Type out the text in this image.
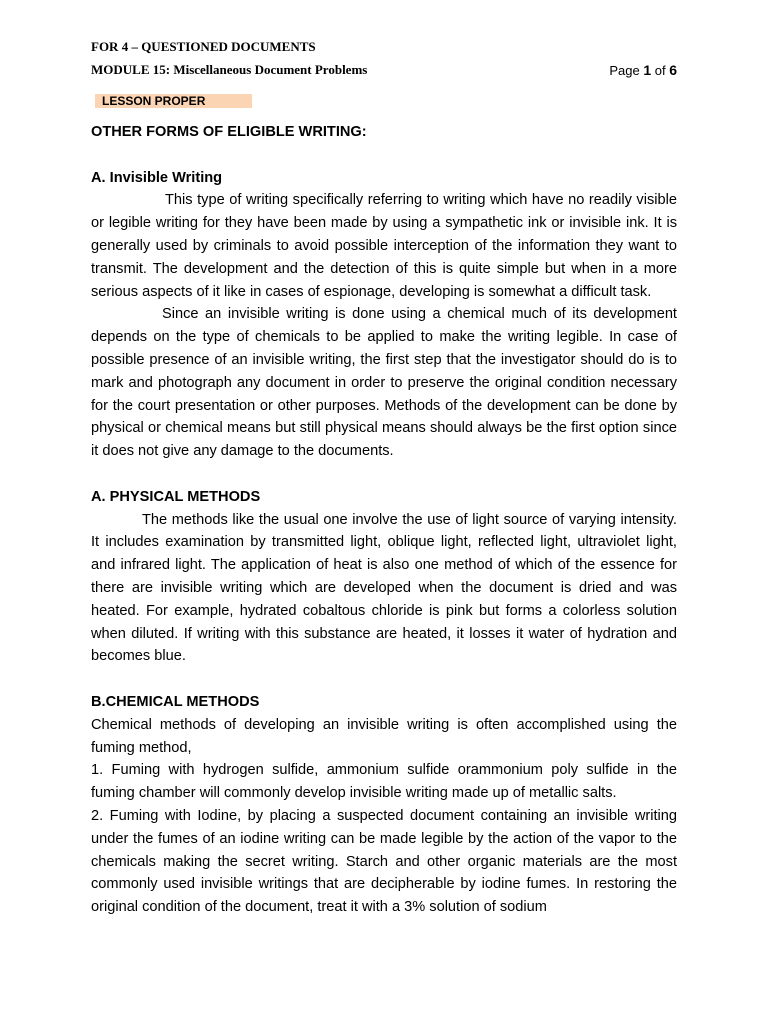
FOR 4 – QUESTIONED DOCUMENTS
MODULE 15: Miscellaneous Document Problems	Page 1 of 6
LESSON PROPER

OTHER FORMS OF ELIGIBLE WRITING:

A. Invisible Writing

This type of writing specifically referring to writing which have no readily visible or legible writing for they have been made by using a sympathetic ink or invisible ink. It is generally used by criminals to avoid possible interception of the information they want to transmit. The development and the detection of this is quite simple but when in a more serious aspects of it like in cases of espionage, developing is somewhat a difficult task.

Since an invisible writing is done using a chemical much of its development depends on the type of chemicals to be applied to make the writing legible. In case of possible presence of an invisible writing, the first step that the investigator should do is to mark and photograph any document in order to preserve the original condition necessary for the court presentation or other purposes. Methods of the development can be done by physical or chemical means but still physical means should always be the first option since it does not give any damage to the documents.

A. PHYSICAL METHODS

The methods like the usual one involve the use of light source of varying intensity. It includes examination by transmitted light, oblique light, reflected light, ultraviolet light, and infrared light. The application of heat is also one method of which of the essence for there are invisible writing which are developed when the document is dried and was heated. For example, hydrated cobaltous chloride is pink but forms a colorless solution when diluted. If writing with this substance are heated, it losses it water of hydration and becomes blue.

B.CHEMICAL METHODS

Chemical methods of developing an invisible writing is often accomplished using the fuming method,

1. Fuming with hydrogen sulfide, ammonium sulfide orammonium poly sulfide in the fuming chamber will commonly develop invisible writing made up of metallic salts.

2. Fuming with Iodine, by placing a suspected document containing an invisible writing under the fumes of an iodine writing can be made legible by the action of the vapor to the chemicals making the secret writing. Starch and other organic materials are the most commonly used invisible writings that are decipherable by iodine fumes. In restoring the original condition of the document, treat it with a 3% solution of sodium
